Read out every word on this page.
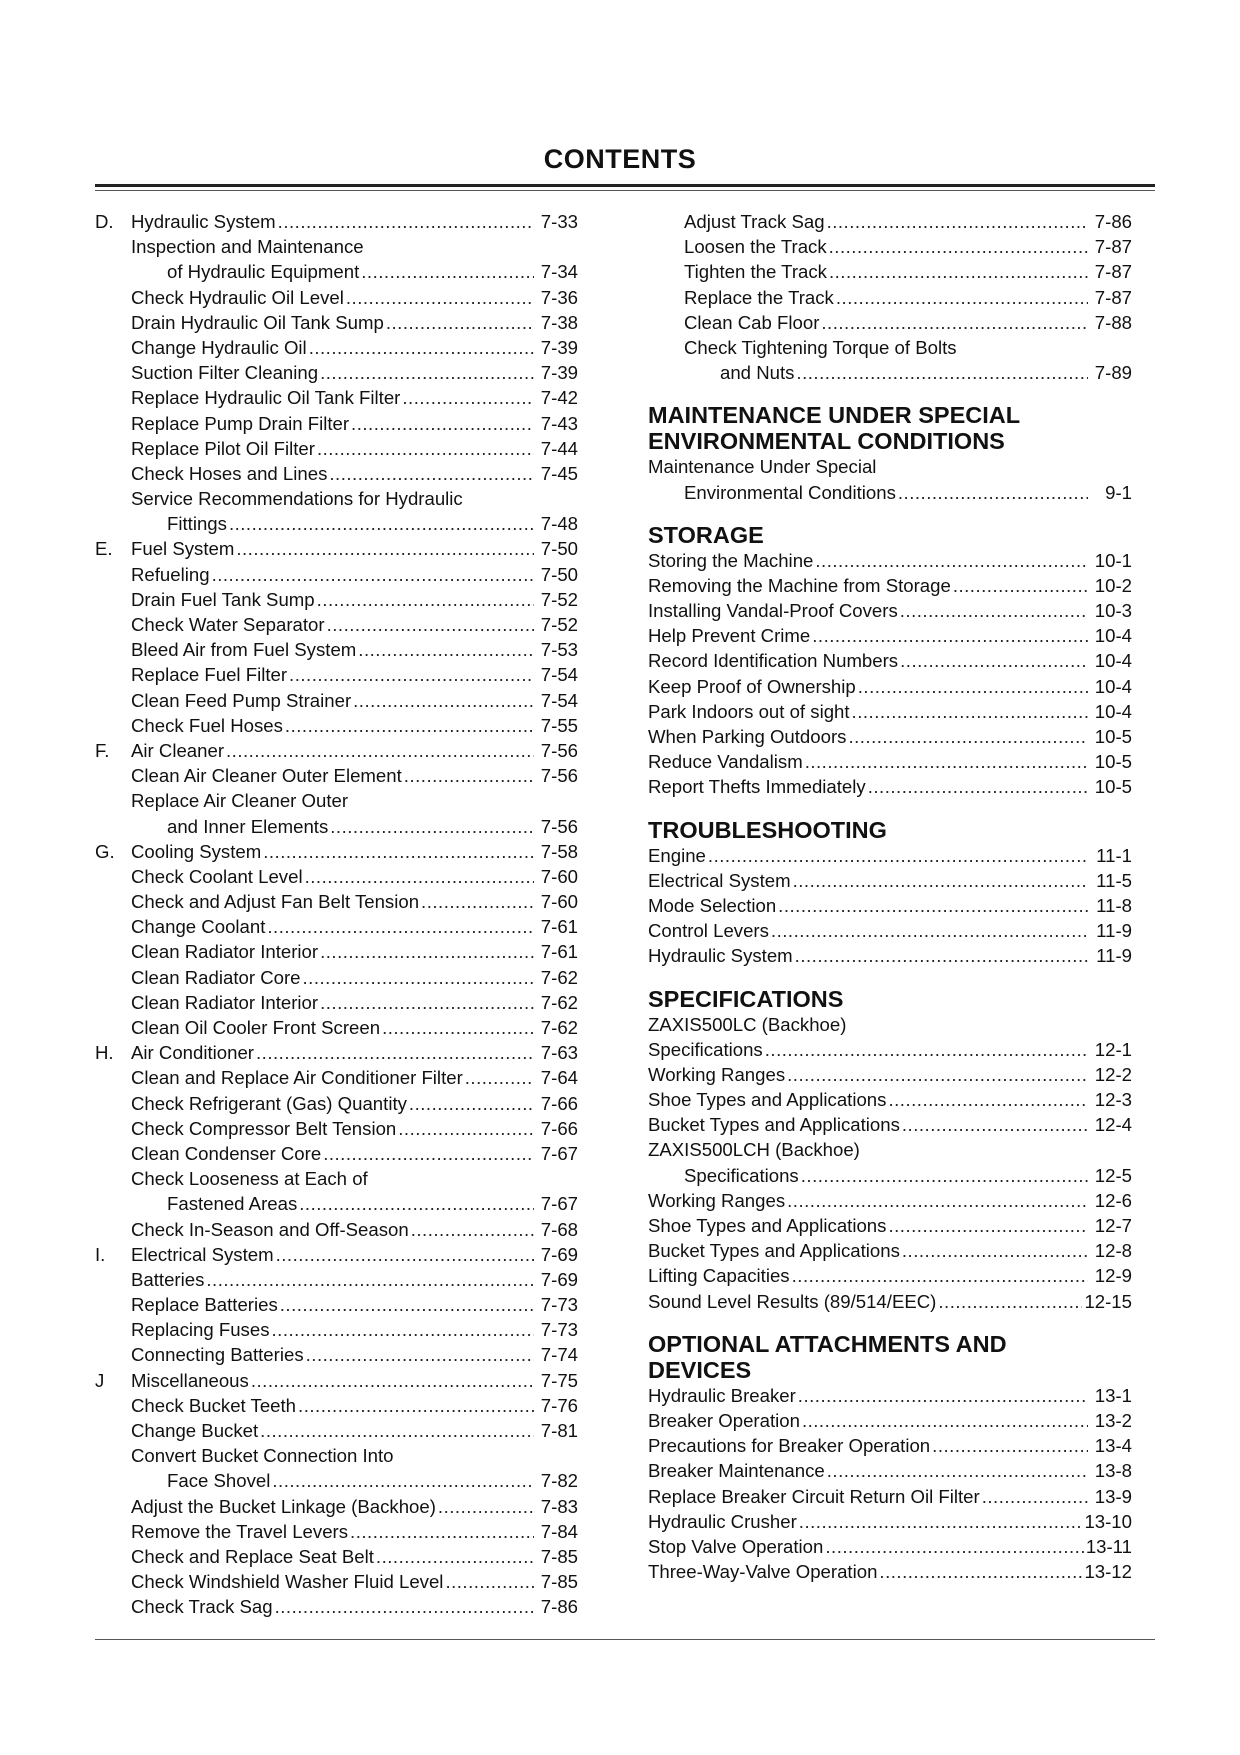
CONTENTS
D. Hydraulic System .....	7-33
Inspection and Maintenance
of Hydraulic Equipment .....	7-34
Check Hydraulic Oil Level .....	7-36
Drain Hydraulic Oil Tank Sump .....	7-38
Change Hydraulic Oil .....	7-39
Suction Filter Cleaning .....	7-39
Replace Hydraulic Oil Tank Filter .....	7-42
Replace Pump Drain Filter .....	7-43
Replace Pilot Oil Filter .....	7-44
Check Hoses and Lines .....	7-45
Service Recommendations for Hydraulic
Fittings .....	7-48
E. Fuel System .....	7-50
Refueling .....	7-50
Drain Fuel Tank Sump .....	7-52
Check Water Separator .....	7-52
Bleed Air from Fuel System .....	7-53
Replace Fuel Filter .....	7-54
Clean Feed Pump Strainer .....	7-54
Check Fuel Hoses .....	7-55
F.	Air Cleaner .....	7-56
Clean Air Cleaner Outer Element .....	7-56
Replace Air Cleaner Outer
and Inner Elements .....	7-56
G. Cooling System .....	7-58
Check Coolant Level .....	7-60
Check and Adjust Fan Belt Tension .....	7-60
Change Coolant .....	7-61
Clean Radiator Interior .....	7-61
Clean Radiator Core .....	7-62
Clean Radiator Interior .....	7-62
Clean Oil Cooler Front Screen .....	7-62
H. Air Conditioner .....	7-63
Clean and Replace Air Conditioner Filter .....	7-64
Check Refrigerant (Gas) Quantity .....	7-66
Check Compressor Belt Tension .....	7-66
Clean Condenser Core .....	7-67
Check Looseness at Each of
Fastened Areas .....	7-67
Check In-Season and Off-Season .....	7-68
I.	Electrical System .....	7-69
Batteries .....	7-69
Replace Batteries .....	7-73
Replacing Fuses .....	7-73
Connecting Batteries .....	7-74
J	Miscellaneous .....	7-75
Check Bucket Teeth .....	7-76
Change Bucket .....	7-81
Convert Bucket Connection Into
Face Shovel .....	7-82
Adjust the Bucket Linkage (Backhoe) .....	7-83
Remove the Travel Levers .....	7-84
Check and Replace Seat Belt .....	7-85
Check Windshield Washer Fluid Level .....	7-85
Check Track Sag .....	7-86
Adjust Track Sag .....	7-86
Loosen the Track .....	7-87
Tighten the Track .....	7-87
Replace the Track .....	7-87
Clean Cab Floor .....	7-88
Check Tightening Torque of Bolts
and Nuts .....	7-89
MAINTENANCE UNDER SPECIAL
ENVIRONMENTAL CONDITIONS
Maintenance Under Special
Environmental Conditions .....	9-1
STORAGE
Storing the Machine .....	10-1
Removing the Machine from Storage .....	10-2
Installing Vandal-Proof Covers .....	10-3
Help Prevent Crime .....	10-4
Record Identification Numbers .....	10-4
Keep Proof of Ownership .....	10-4
Park Indoors out of sight .....	10-4
When Parking Outdoors .....	10-5
Reduce Vandalism .....	10-5
Report Thefts Immediately .....	10-5
TROUBLESHOOTING
Engine .....	11-1
Electrical System .....	11-5
Mode Selection .....	11-8
Control Levers .....	11-9
Hydraulic System .....	11-9
SPECIFICATIONS
ZAXIS500LC (Backhoe)
Specifications .....	12-1
Working Ranges .....	12-2
Shoe Types and Applications .....	12-3
Bucket Types and Applications .....	12-4
ZAXIS500LCH (Backhoe)
Specifications .....	12-5
Working Ranges .....	12-6
Shoe Types and Applications .....	12-7
Bucket Types and Applications .....	12-8
Lifting Capacities .....	12-9
Sound Level Results (89/514/EEC) .....	12-15
OPTIONAL ATTACHMENTS AND
DEVICES
Hydraulic Breaker .....	13-1
Breaker Operation .....	13-2
Precautions for Breaker Operation .....	13-4
Breaker Maintenance .....	13-8
Replace Breaker Circuit Return Oil Filter .....	13-9
Hydraulic Crusher .....	13-10
Stop Valve Operation .....	13-11
Three-Way-Valve Operation .....	13-12
